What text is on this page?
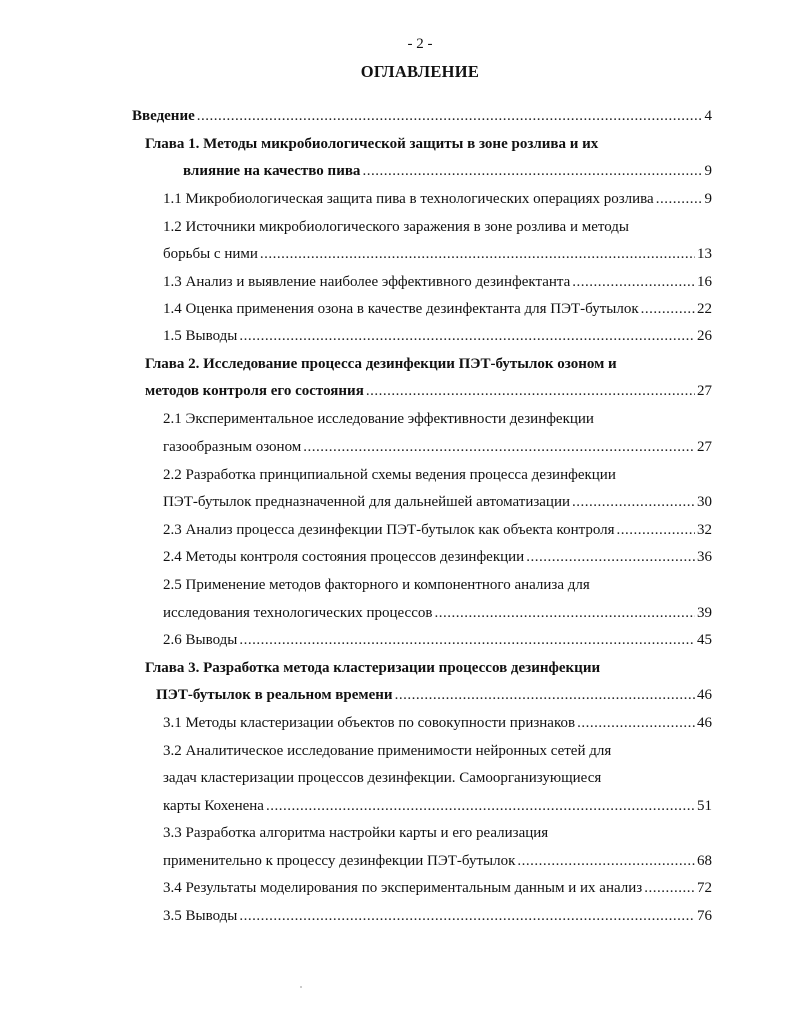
- 2 -
ОГЛАВЛЕНИЕ
Введение .....	4
Глава 1. Методы микробиологической защиты в зоне розлива и их
влияние на качество пива .....	9
1.1 Микробиологическая защита пива в технологических операциях розлива .....	9
1.2 Источники микробиологического заражения в зоне розлива и методы
борьбы с ними .....	13
1.3 Анализ и выявление наиболее эффективного дезинфектанта .....	16
1.4 Оценка применения озона в качестве дезинфектанта для ПЭТ-бутылок .....	22
1.5 Выводы .....	26
Глава 2. Исследование процесса дезинфекции ПЭТ-бутылок озоном и
методов контроля его состояния .....	27
2.1 Экспериментальное исследование эффективности дезинфекции
газообразным озоном .....	27
2.2 Разработка принципиальной схемы ведения процесса дезинфекции
ПЭТ-бутылок предназначенной для дальнейшей автоматизации .....	30
2.3 Анализ процесса дезинфекции ПЭТ-бутылок как объекта контроля .....	32
2.4 Методы контроля состояния процессов дезинфекции .....	36
2.5 Применение методов факторного и компонентного анализа для
исследования технологических процессов .....	39
2.6 Выводы .....	45
Глава 3. Разработка метода кластеризации процессов дезинфекции
ПЭТ-бутылок в реальном времени .....	46
3.1 Методы кластеризации объектов по совокупности признаков .....	46
3.2 Аналитическое исследование применимости нейронных сетей для
задач кластеризации процессов дезинфекции. Самоорганизующиеся
карты Кохенена .....	51
3.3 Разработка алгоритма настройки карты и его реализация
применительно к процессу дезинфекции ПЭТ-бутылок .....	68
3.4 Результаты моделирования по экспериментальным данным и их анализ .....	72
3.5 Выводы .....	76
